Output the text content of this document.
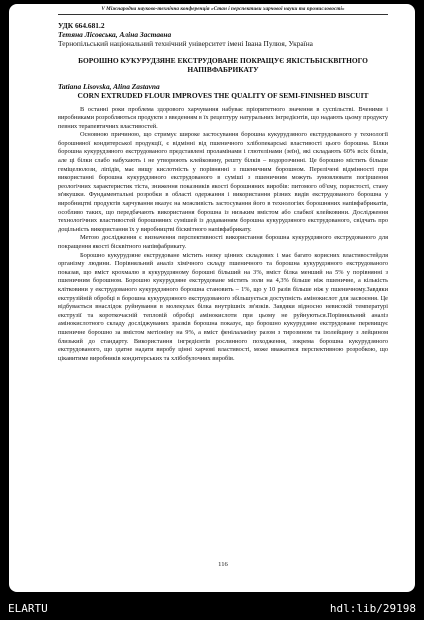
V Міжнародна науково-технічна конференція «Стан і перспективи харчової науки та промисловості»

УДК 664.681.2

Тетяна Лісовська, Аліна Заставна

Тернопільський національний технічний університет імені Івана Пулюя, Україна

БОРОШНО КУКУРУДЗЯНЕ ЕКСТРУДОВАНЕ ПОКРАЩУЄ ЯКІСТЬБІСКВІТНОГО НАПІВФАБРИКАТУ

Tatiana Lisovska, Alina Zastavna

CORN EXTRUDED FLOUR IMPROVES THE QUALITY OF SEMI-FINISHED BISCUIT

В останні роки проблема здорового харчування набуває пріоритетного значення в суспільстві. Вченими і виробниками розробляються продукти з введенням в їх рецептуру натуральних інгредієнтів, що надають цьому продукту певних терапевтичних властивостей.

Основною причиною, що стримує широке застосування борошна кукурудзяного екструдованого у технології борошняної кондитерської продукції, є відмінні від пшеничного хлібопекарські властивості цього борошна. Білки борошна кукурудзяного екструдованого представлені проламінами і глютелінами (зеїн), які складають 60% всіх білків, але ці білки слабо набухають і не утворюють клейковину, решту білків – водорозчинні. Це борошно містить більше геміцелюлози, ліпідів, має вищу кислотність у порівнянні з пшеничним борошном. Перелічені відмінності при використанні борошна кукурудзяного екструдованого в суміші з пшеничним можуть зумовлювати погіршення реологічних характеристик тіста, зниження показників якості борошняних виробів: питомого об'єму, пористості, стану м'якушки. Фундаментальні розробки в області одержання і використання різних видів екструдованого борошна у виробництві продуктів харчування вказує на можливість застосування його в технологіях борошняних напівфабрикатів, особливо таких, що передбачають використання борошна із низьким вмістом або слабкої клейковини. Дослідження технологічних властивостей борошняних сумішей із додаванням борошна кукурудзяного екструдованого, свідчать про доцільність використання їх у виробництві бісквітного напівфабрикату.

Метою дослідження є визначення перспективності використання борошна кукурудзяного екструдованого для покращення якості бісквітного напівфабрикату.

Борошно кукурудзяне екструдоване містить низку цінних складових і має багато корисних властивостейдля організму людини. Порівняльний аналіз хімічного складу пшеничного та борошна кукурудзяного екструдованого показав, що вміст крохмалю в кукурудзяному борошні більший на 3%, вміст білка менший на 5% у порівнянні з пшеничним борошном. Борошно кукурудзяне екструдоване містить золи на 4,3% більше ніж пшеничне, а кількість клітковини у екструдованого кукурудзяного борошна становить – 1%, що у 10 разів більше ніж у пшеничному.Завдяки екструзійній обробці в борошна кукурудзяного екструдованого збільшується доступність амінокислот для засвоєння. Це відбувається внаслідок руйнування в молекулах білка внутрішніх зв'язків. Завдяки відносно невисокій температурі екструзії та короткочасній тепловій обробці амінокислоти при цьому не руйнуються.Порівняльний аналіз амінокислотного складу досліджуваних зразків борошна показує, що борошно кукурудзяне екструдоване перевищує пшеничне борошно за вмістом метіоніну на 9%, а вміст фенілаланіну разом з тирозином та ізолейцину з лейцином близький до стандарту. Використання інгредієнтів рослинного походження, зокрема борошна кукурудзяного екструдованого, що здатне надати виробу цінні харчові властивості, може вважатися перспективною розробкою, що цікавитиме виробників кондитерських та хлібобулочних виробів.

116
ELARTU	hdl:lib/29198
